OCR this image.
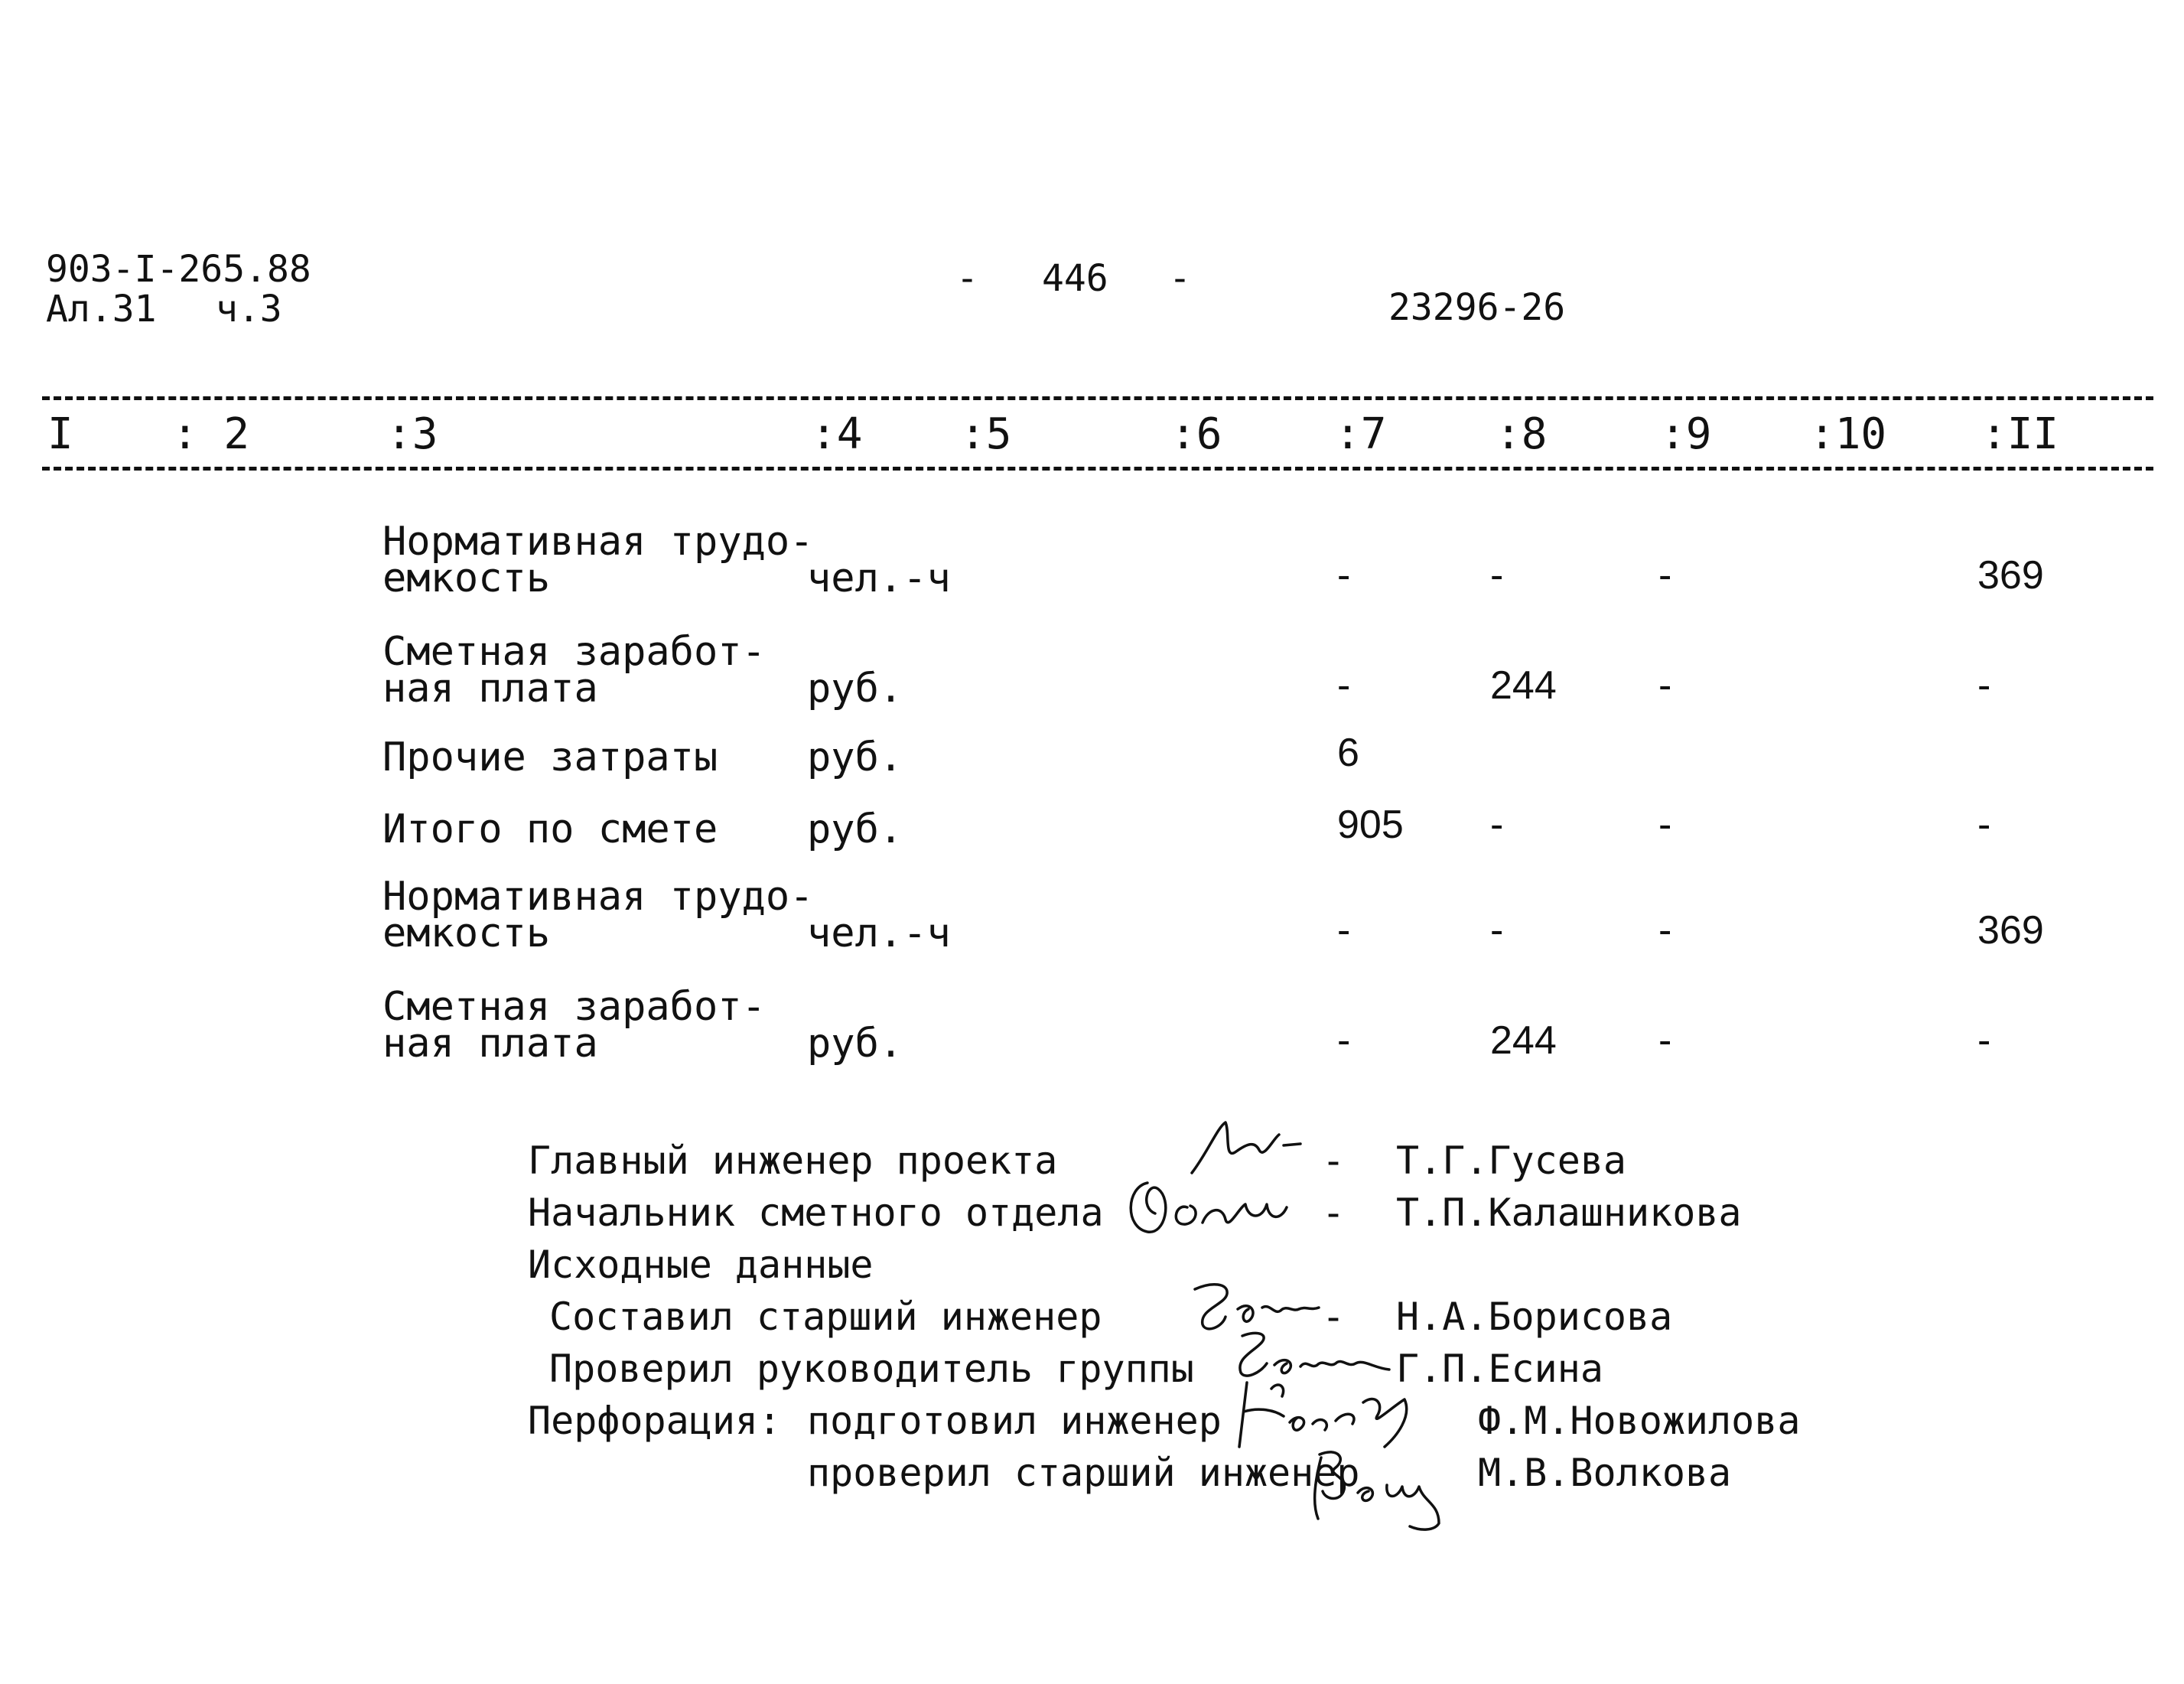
903-I-265.88
Ал.31 ч.3
- 446 -
23296-26
I : 2	:3	:4 :5	:6	:7	:8	:9 :10 :II
Нормативная трудо-
емкость	чел.-ч	-	-	-	369
Сметная заработ-
ная плата	руб.	-	244	-	-
Прочие затраты руб.	6
Итого по смете руб.	905 -	-	-
Нормативная трудо-
емкость	чел.-ч	-	-	-	369
Сметная заработ-
ная плата	руб.	-	244	-	-
Главный инженер проекта	- Т.Г.Гусева
Начальник сметного отдела	- Т.П.Калашникова
Исходные данные
Составил старший инженер	- Н.А.Борисова
Проверил руководитель группы	Г.П.Есина
Перфорация: подготовил инженер	Ф.М.Новожилова
проверил старший инженер	М.В.Волкова
